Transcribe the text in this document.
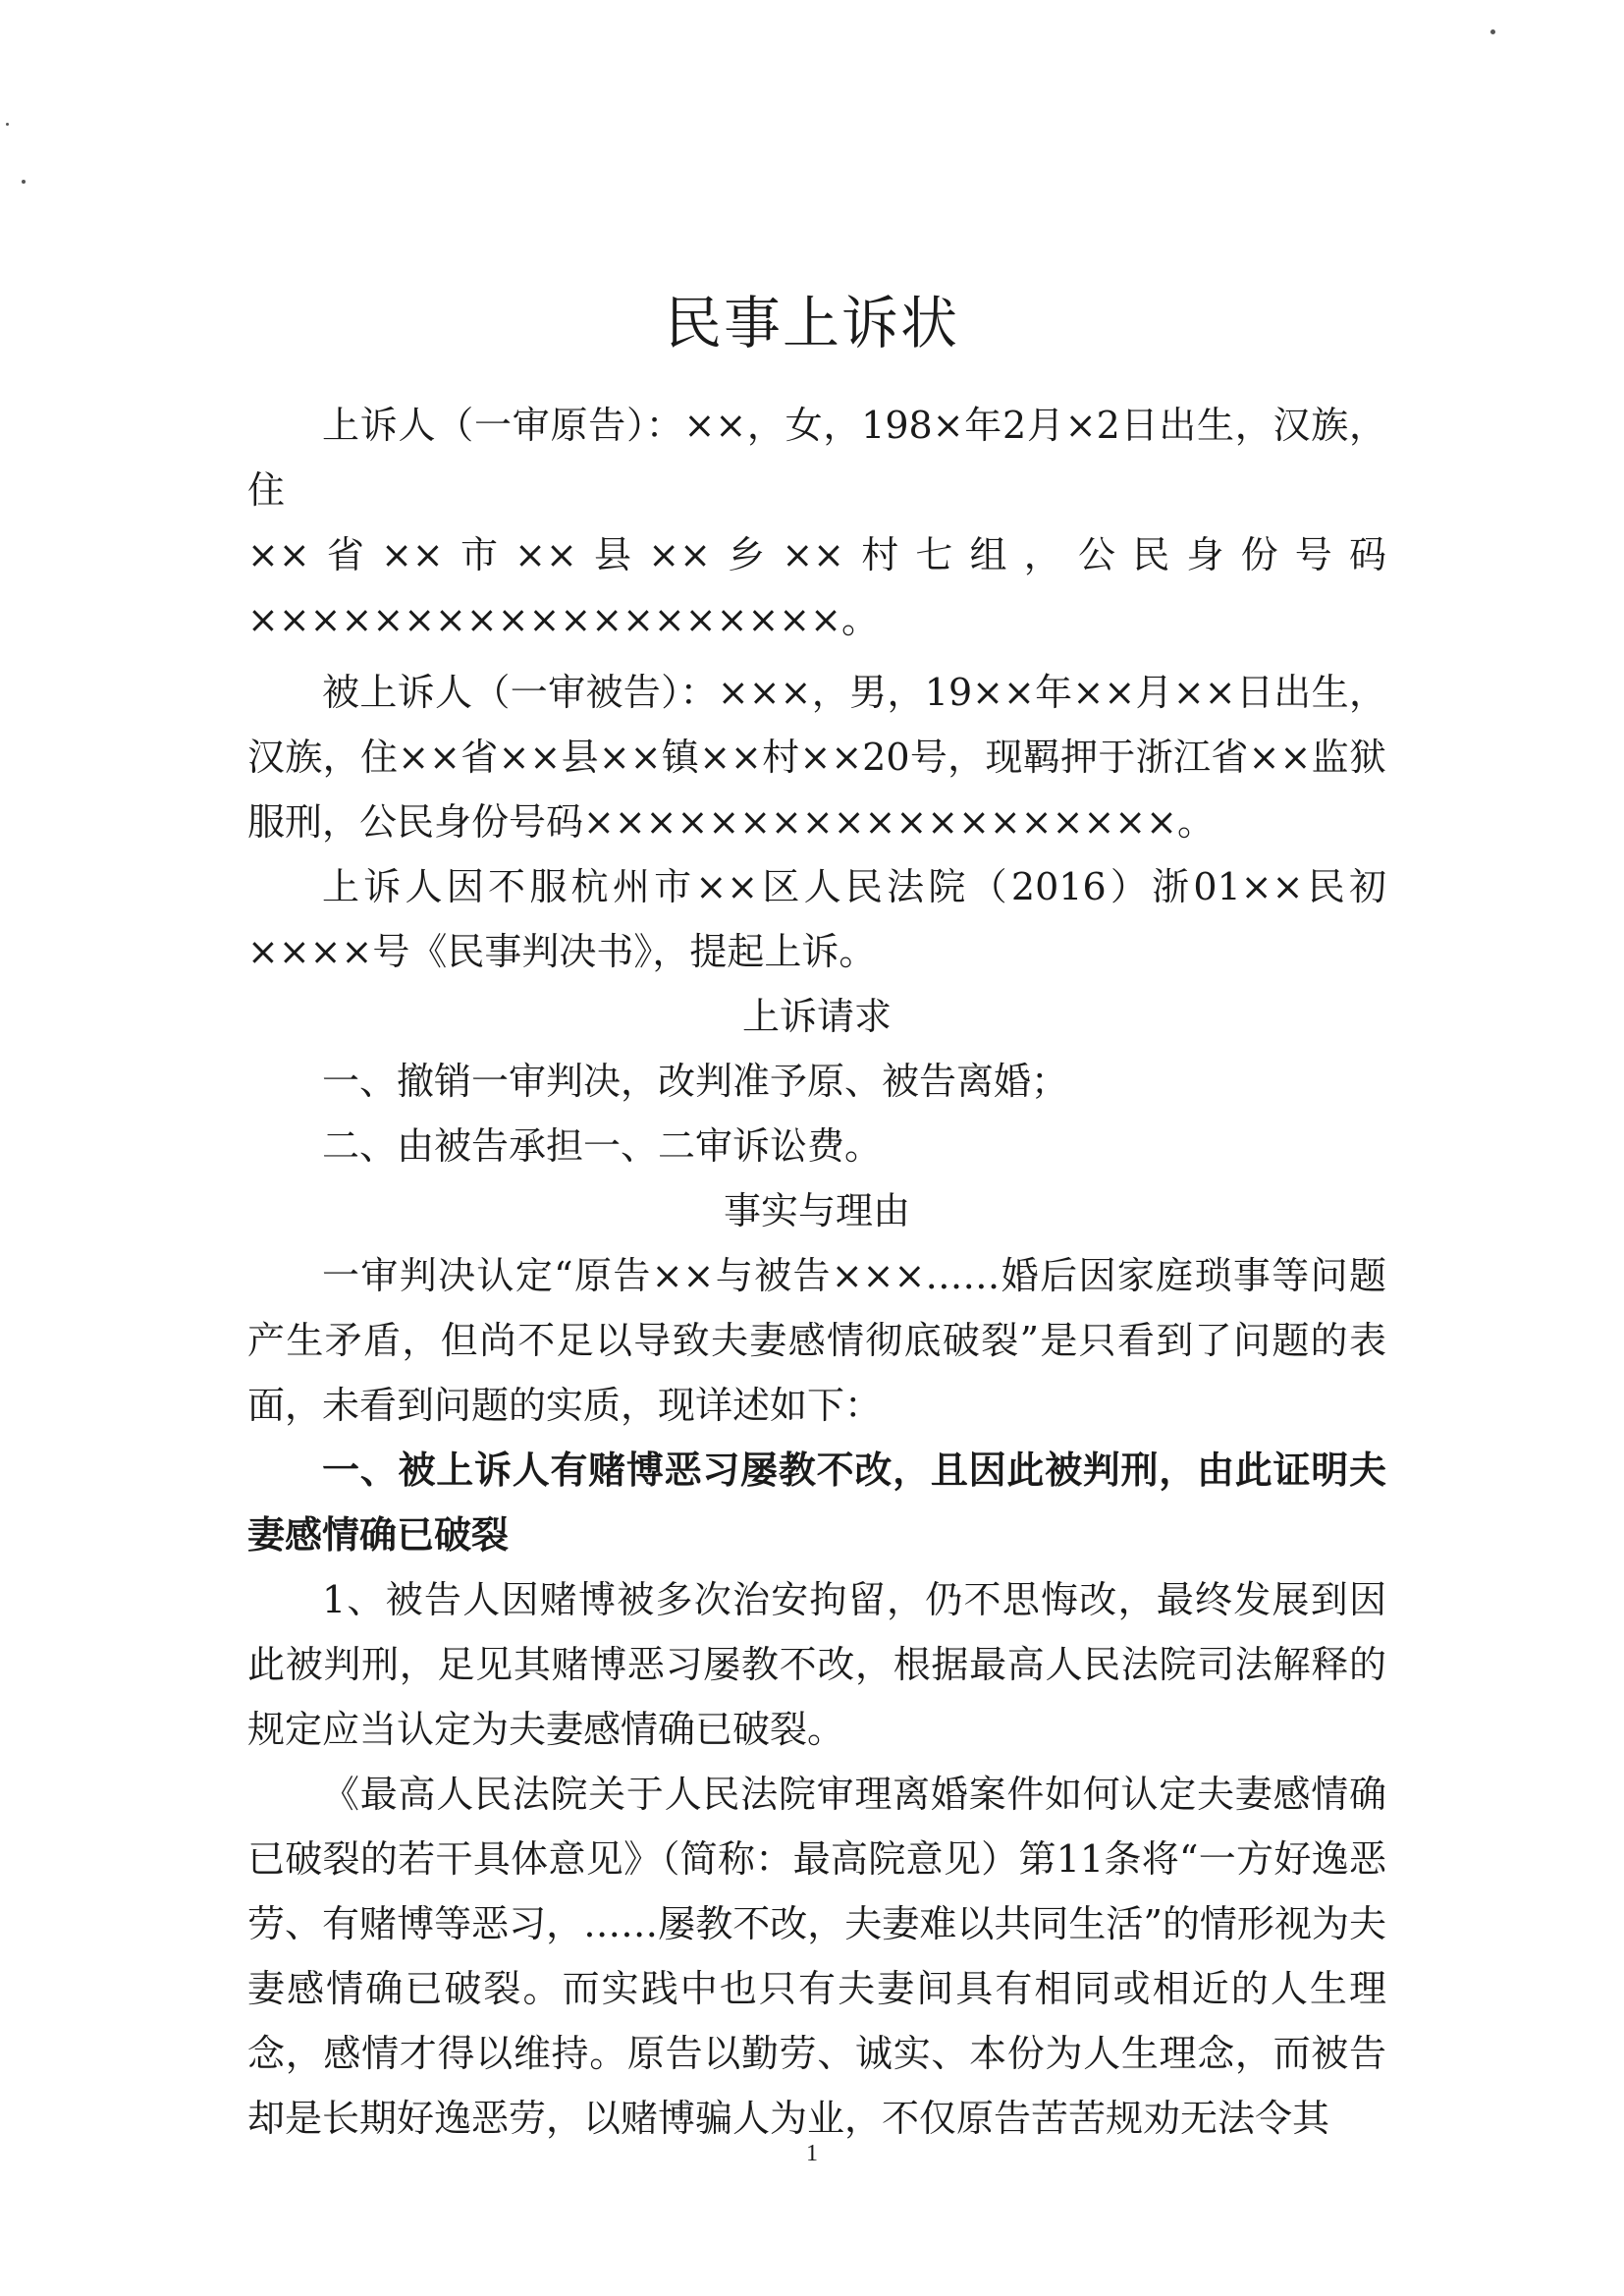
民事上诉状

上诉人（一审原告）：××，女，198×年2月×2日出生，汉族，住

××省××市××县××乡××村七组，公民身份号码

×××××××××××××××××××。

被上诉人（一审被告）：×××，男，19××年××月××日出生，汉族，住××省××县××镇××村××20号，现羁押于浙江省××监狱服刑，公民身份号码×××××××××××××××××××。

上诉人因不服杭州市××区人民法院（2016）浙01××民初××××号《民事判决书》，提起上诉。

上诉请求

一、撤销一审判决，改判准予原、被告离婚；

二、由被告承担一、二审诉讼费。

事实与理由

一审判决认定“原告××与被告×××……婚后因家庭琐事等问题产生矛盾，但尚不足以导致夫妻感情彻底破裂”是只看到了问题的表面，未看到问题的实质，现详述如下：

一、被上诉人有赌博恶习屡教不改，且因此被判刑，由此证明夫妻感情确已破裂

1、被告人因赌博被多次治安拘留，仍不思悔改，最终发展到因此被判刑，足见其赌博恶习屡教不改，根据最高人民法院司法解释的规定应当认定为夫妻感情确已破裂。

《最高人民法院关于人民法院审理离婚案件如何认定夫妻感情确已破裂的若干具体意见》（简称：最高院意见）第11条将“一方好逸恶劳、有赌博等恶习，……屡教不改，夫妻难以共同生活”的情形视为夫妻感情确已破裂。而实践中也只有夫妻间具有相同或相近的人生理念，感情才得以维持。原告以勤劳、诚实、本份为人生理念，而被告却是长期好逸恶劳，以赌博骗人为业，不仅原告苦苦规劝无法令其

1
